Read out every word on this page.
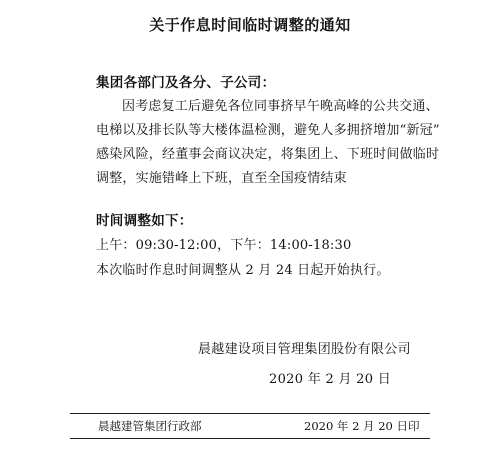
关于作息时间临时调整的通知
集团各部门及各分、子公司：
因考虑复工后避免各位同事挤早午晚高峰的公共交通、
电梯以及排长队等大楼体温检测，避免人多拥挤增加“新冠”
感染风险，经董事会商议决定，将集团上、下班时间做临时
调整，实施错峰上下班，直至全国疫情结束
时间调整如下：
上午：09:30-12:00，下午：14:00-18:30
本次临时作息时间调整从 2 月 24 日起开始执行。
晨越建设项目管理集团股份有限公司
2020 年 2 月 20 日
晨越建管集团行政部	2020 年 2 月 20 日印
